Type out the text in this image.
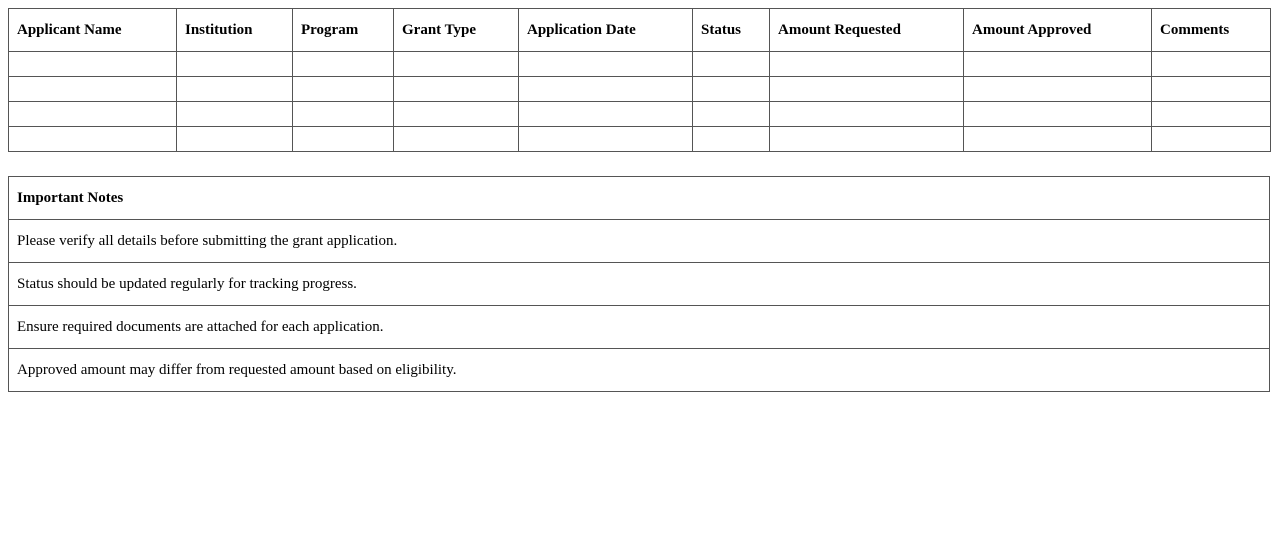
Applicant Name	Institution	Program	Grant Type	Application Date	Status	Amount Requested	Amount Approved	Comments

Important Notes
Please verify all details before submitting the grant application.
Status should be updated regularly for tracking progress.
Ensure required documents are attached for each application.
Approved amount may differ from requested amount based on eligibility.
